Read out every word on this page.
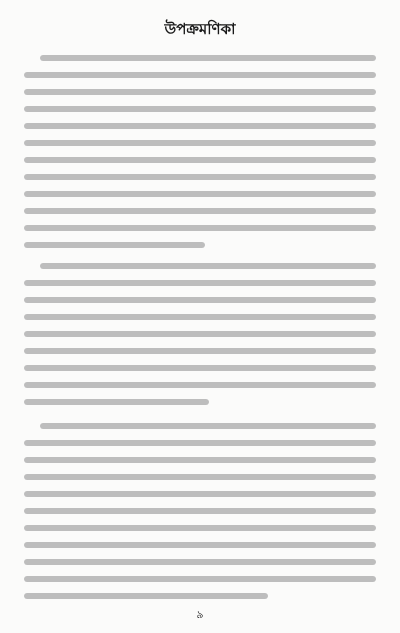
উপক্রমণিকা
৯
